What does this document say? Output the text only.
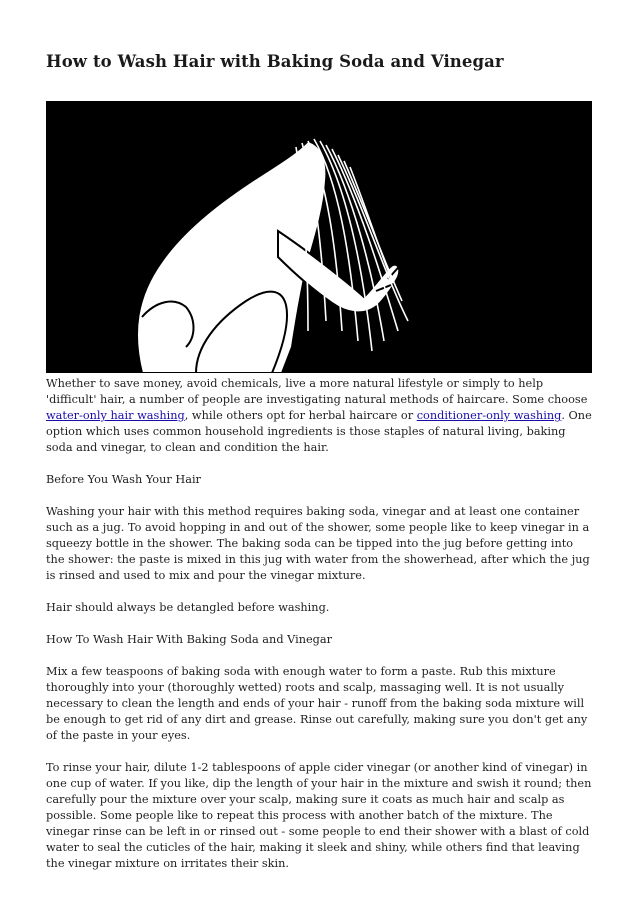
How to Wash Hair with Baking Soda and Vinegar

Whether to save money, avoid chemicals, live a more natural lifestyle or simply to help 'difficult' hair, a number of people are investigating natural methods of haircare. Some choose water-only hair washing, while others opt for herbal haircare or conditioner-only washing. One option which uses common household ingredients is those staples of natural living, baking soda and vinegar, to clean and condition the hair.

Before You Wash Your Hair

Washing your hair with this method requires baking soda, vinegar and at least one container such as a jug. To avoid hopping in and out of the shower, some people like to keep vinegar in a squeezy bottle in the shower. The baking soda can be tipped into the jug before getting into the shower: the paste is mixed in this jug with water from the showerhead, after which the jug is rinsed and used to mix and pour the vinegar mixture.

Hair should always be detangled before washing.

How To Wash Hair With Baking Soda and Vinegar

Mix a few teaspoons of baking soda with enough water to form a paste. Rub this mixture thoroughly into your (thoroughly wetted) roots and scalp, massaging well. It is not usually necessary to clean the length and ends of your hair - runoff from the baking soda mixture will be enough to get rid of any dirt and grease. Rinse out carefully, making sure you don't get any of the paste in your eyes.

To rinse your hair, dilute 1-2 tablespoons of apple cider vinegar (or another kind of vinegar) in one cup of water. If you like, dip the length of your hair in the mixture and swish it round; then carefully pour the mixture over your scalp, making sure it coats as much hair and scalp as possible. Some people like to repeat this process with another batch of the mixture. The vinegar rinse can be left in or rinsed out - some people to end their shower with a blast of cold water to seal the cuticles of the hair, making it sleek and shiny, while others find that leaving the vinegar mixture on irritates their skin.
